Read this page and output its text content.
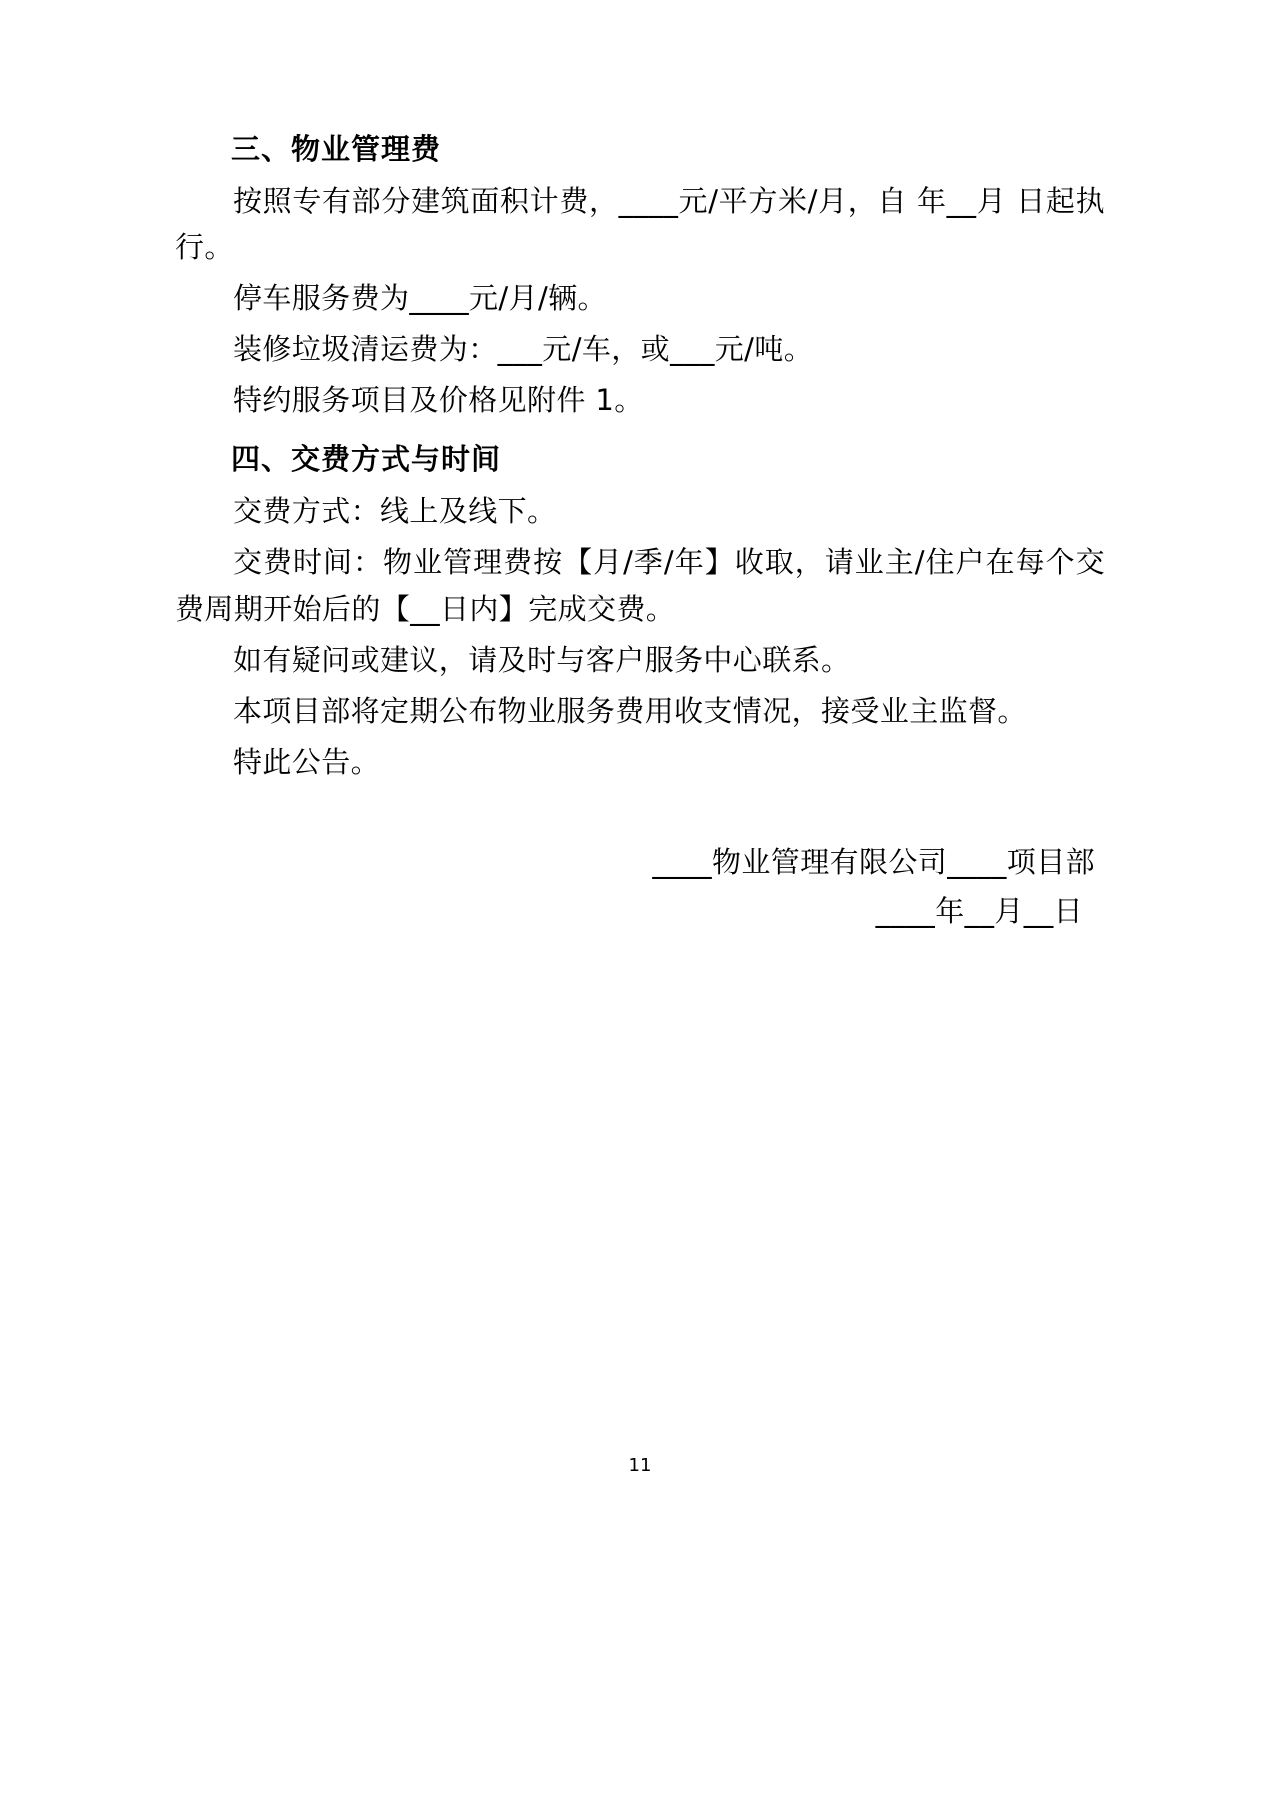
三、物业管理费

按照专有部分建筑面积计费，____元/平方米/月，自 年__月 日起执行。

停车服务费为____元/月/辆。

装修垃圾清运费为：___元/车，或___元/吨。

特约服务项目及价格见附件 1。

四、交费方式与时间

交费方式：线上及线下。

交费时间：物业管理费按【月/季/年】收取，请业主/住户在每个交费周期开始后的【__日内】完成交费。

如有疑问或建议，请及时与客户服务中心联系。

本项目部将定期公布物业服务费用收支情况，接受业主监督。

特此公告。

____物业管理有限公司____项目部

____年__月__日

11
